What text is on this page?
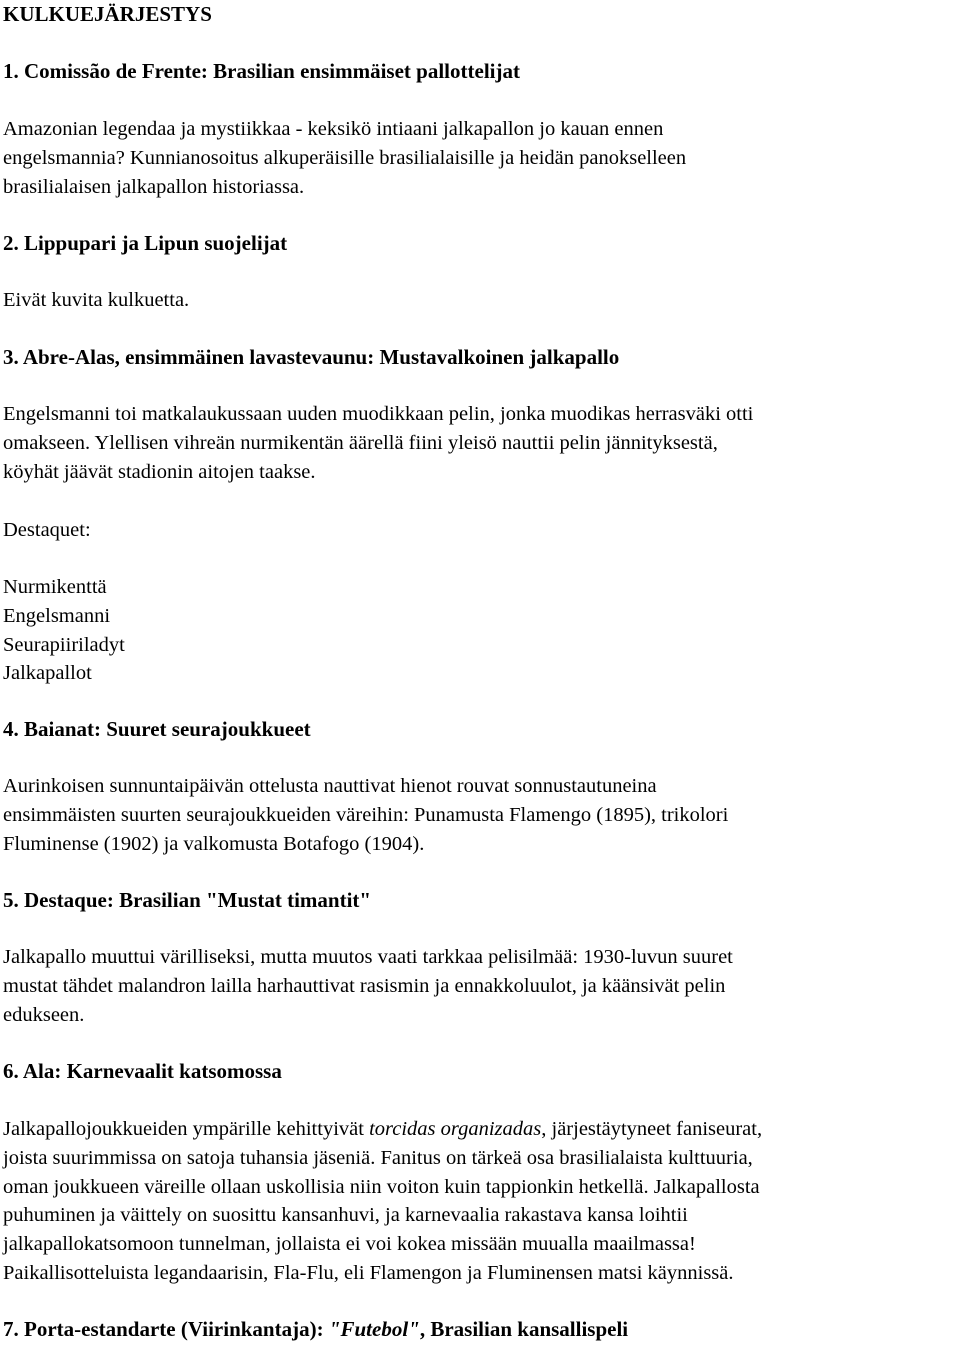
KULKUEJÄRJESTYS
1. Comissão de Frente: Brasilian ensimmäiset pallottelijat
Amazonian legendaa ja mystiikkaa - keksikö intiaani jalkapallon jo kauan ennen
engelsmannia? Kunnianosoitus alkuperäisille brasilialaisille ja heidän panokselleen
brasilialaisen jalkapallon historiassa.
2. Lippupari ja Lipun suojelijat
Eivät kuvita kulkuetta.
3. Abre-Alas, ensimmäinen lavastevaunu: Mustavalkoinen jalkapallo
Engelsmanni toi matkalaukussaan uuden muodikkaan pelin, jonka muodikas herrasväki otti
omakseen. Ylellisen vihreän nurmikentän äärellä fiini yleisö nauttii pelin jännityksestä,
köyhät jäävät stadionin aitojen taakse.
Destaquet:
Nurmikenttä
Engelsmanni
Seurapiiriladyt
Jalkapallot
4. Baianat: Suuret seurajoukkueet
Aurinkoisen sunnuntaipäivän ottelusta nauttivat hienot rouvat sonnustautuneina
ensimmäisten suurten seurajoukkueiden väreihin: Punamusta Flamengo (1895), trikolori
Fluminense (1902) ja valkomusta Botafogo (1904).
5. Destaque: Brasilian "Mustat timantit"
Jalkapallo muuttui värilliseksi, mutta muutos vaati tarkkaa pelisilmää: 1930-luvun suuret
mustat tähdet malandron lailla harhauttivat rasismin ja ennakkoluulot, ja käänsivät pelin
edukseen.
6. Ala: Karnevaalit katsomossa
Jalkapallojoukkueiden ympärille kehittyivät torcidas organizadas, järjestäytyneet faniseurat,
joista suurimmissa on satoja tuhansia jäseniä. Fanitus on tärkeä osa brasilialaista kulttuuria,
oman joukkueen väreille ollaan uskollisia niin voiton kuin tappionkin hetkellä. Jalkapallosta
puhuminen ja väittely on suosittu kansanhuvi, ja karnevaalia rakastava kansa loihtii
jalkapallokatsomoon tunnelman, jollaista ei voi kokea missään muualla maailmassa!
Paikallisotteluista legandaarisin, Fla-Flu, eli Flamengon ja Fluminensen matsi käynnissä.
7. Porta-estandarte (Viirinkantaja): "Futebol", Brasilian kansallispeli
